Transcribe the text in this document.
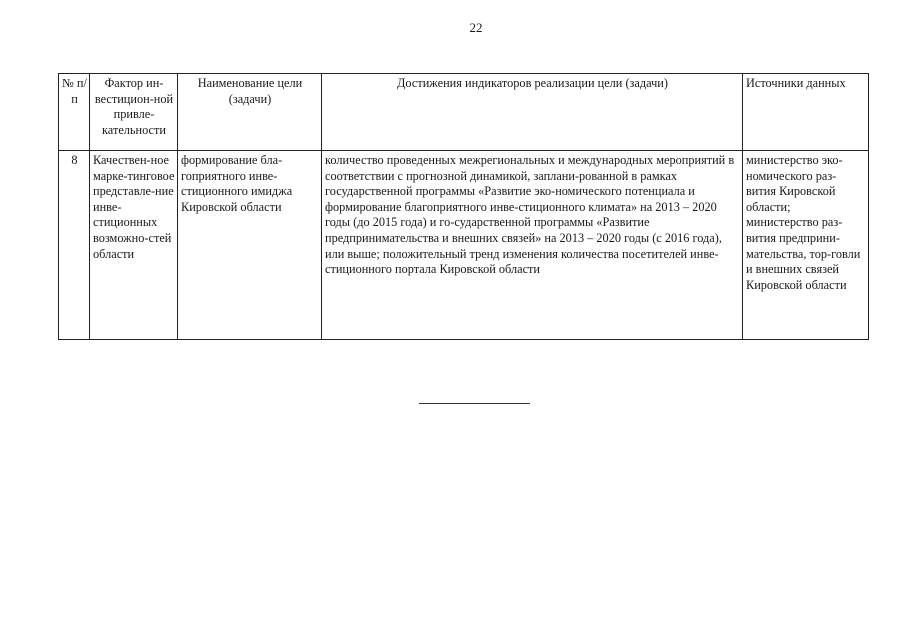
22
№ п/п	Фактор ин-вестицион-ной привле-кательности	Наименование цели (задачи)	Достижения индикаторов реализации цели (задачи)	Источники данных
8	Качествен-ное марке-тинговое представле-ние инве-стиционных возможно-стей области	формирование бла-гоприятного инве-стиционного имиджа Кировской области	количество проведенных межрегиональных и международных мероприятий в соответствии с прогнозной динамикой, заплани-рованной в рамках государственной программы «Развитие эко-номического потенциала и формирование благоприятного инве-стиционного климата» на 2013 – 2020 годы (до 2015 года) и го-сударственной программы «Развитие предпринимательства и внешних связей» на 2013 – 2020 годы (с 2016 года), или выше; положительный тренд изменения количества посетителей инве-стиционного портала Кировской области	министерство эко-номического раз-вития Кировской области; министерство раз-вития предприни-мательства, тор-говли и внешних связей Кировской области
